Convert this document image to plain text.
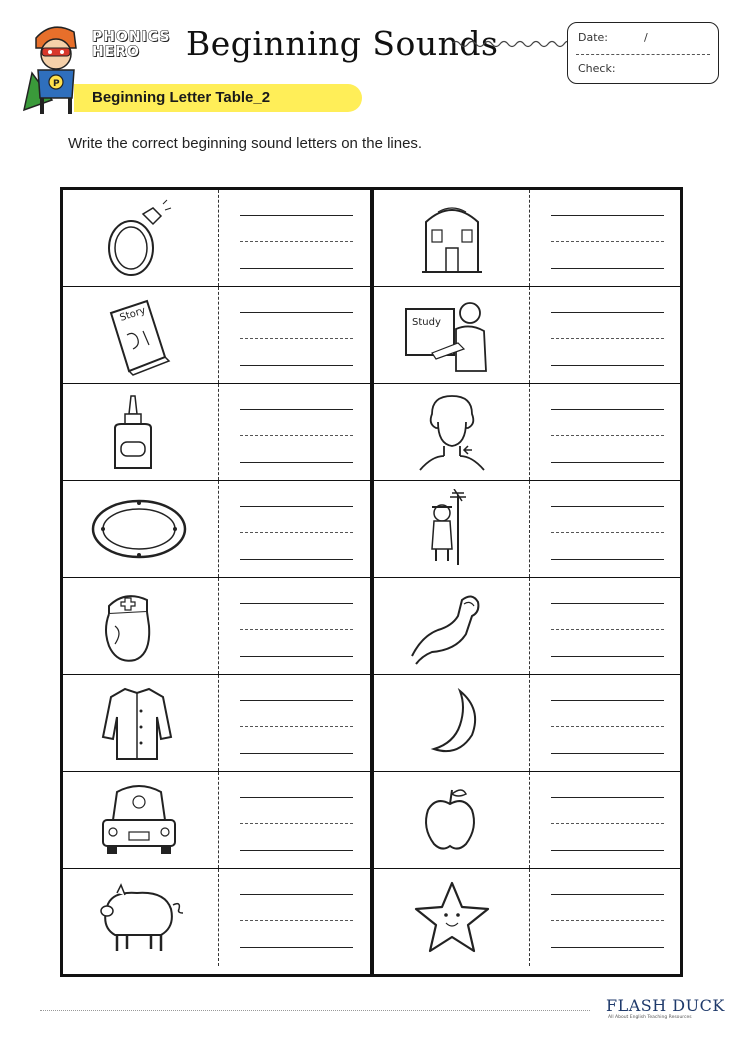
P
PHONICS
HERO	Beginning Sounds	Date:	/
Check:
Beginning Letter Table_2
Write the correct beginning sound letters on the lines.
Story	Study
FLASH DUCK
All About English Teaching Resources
